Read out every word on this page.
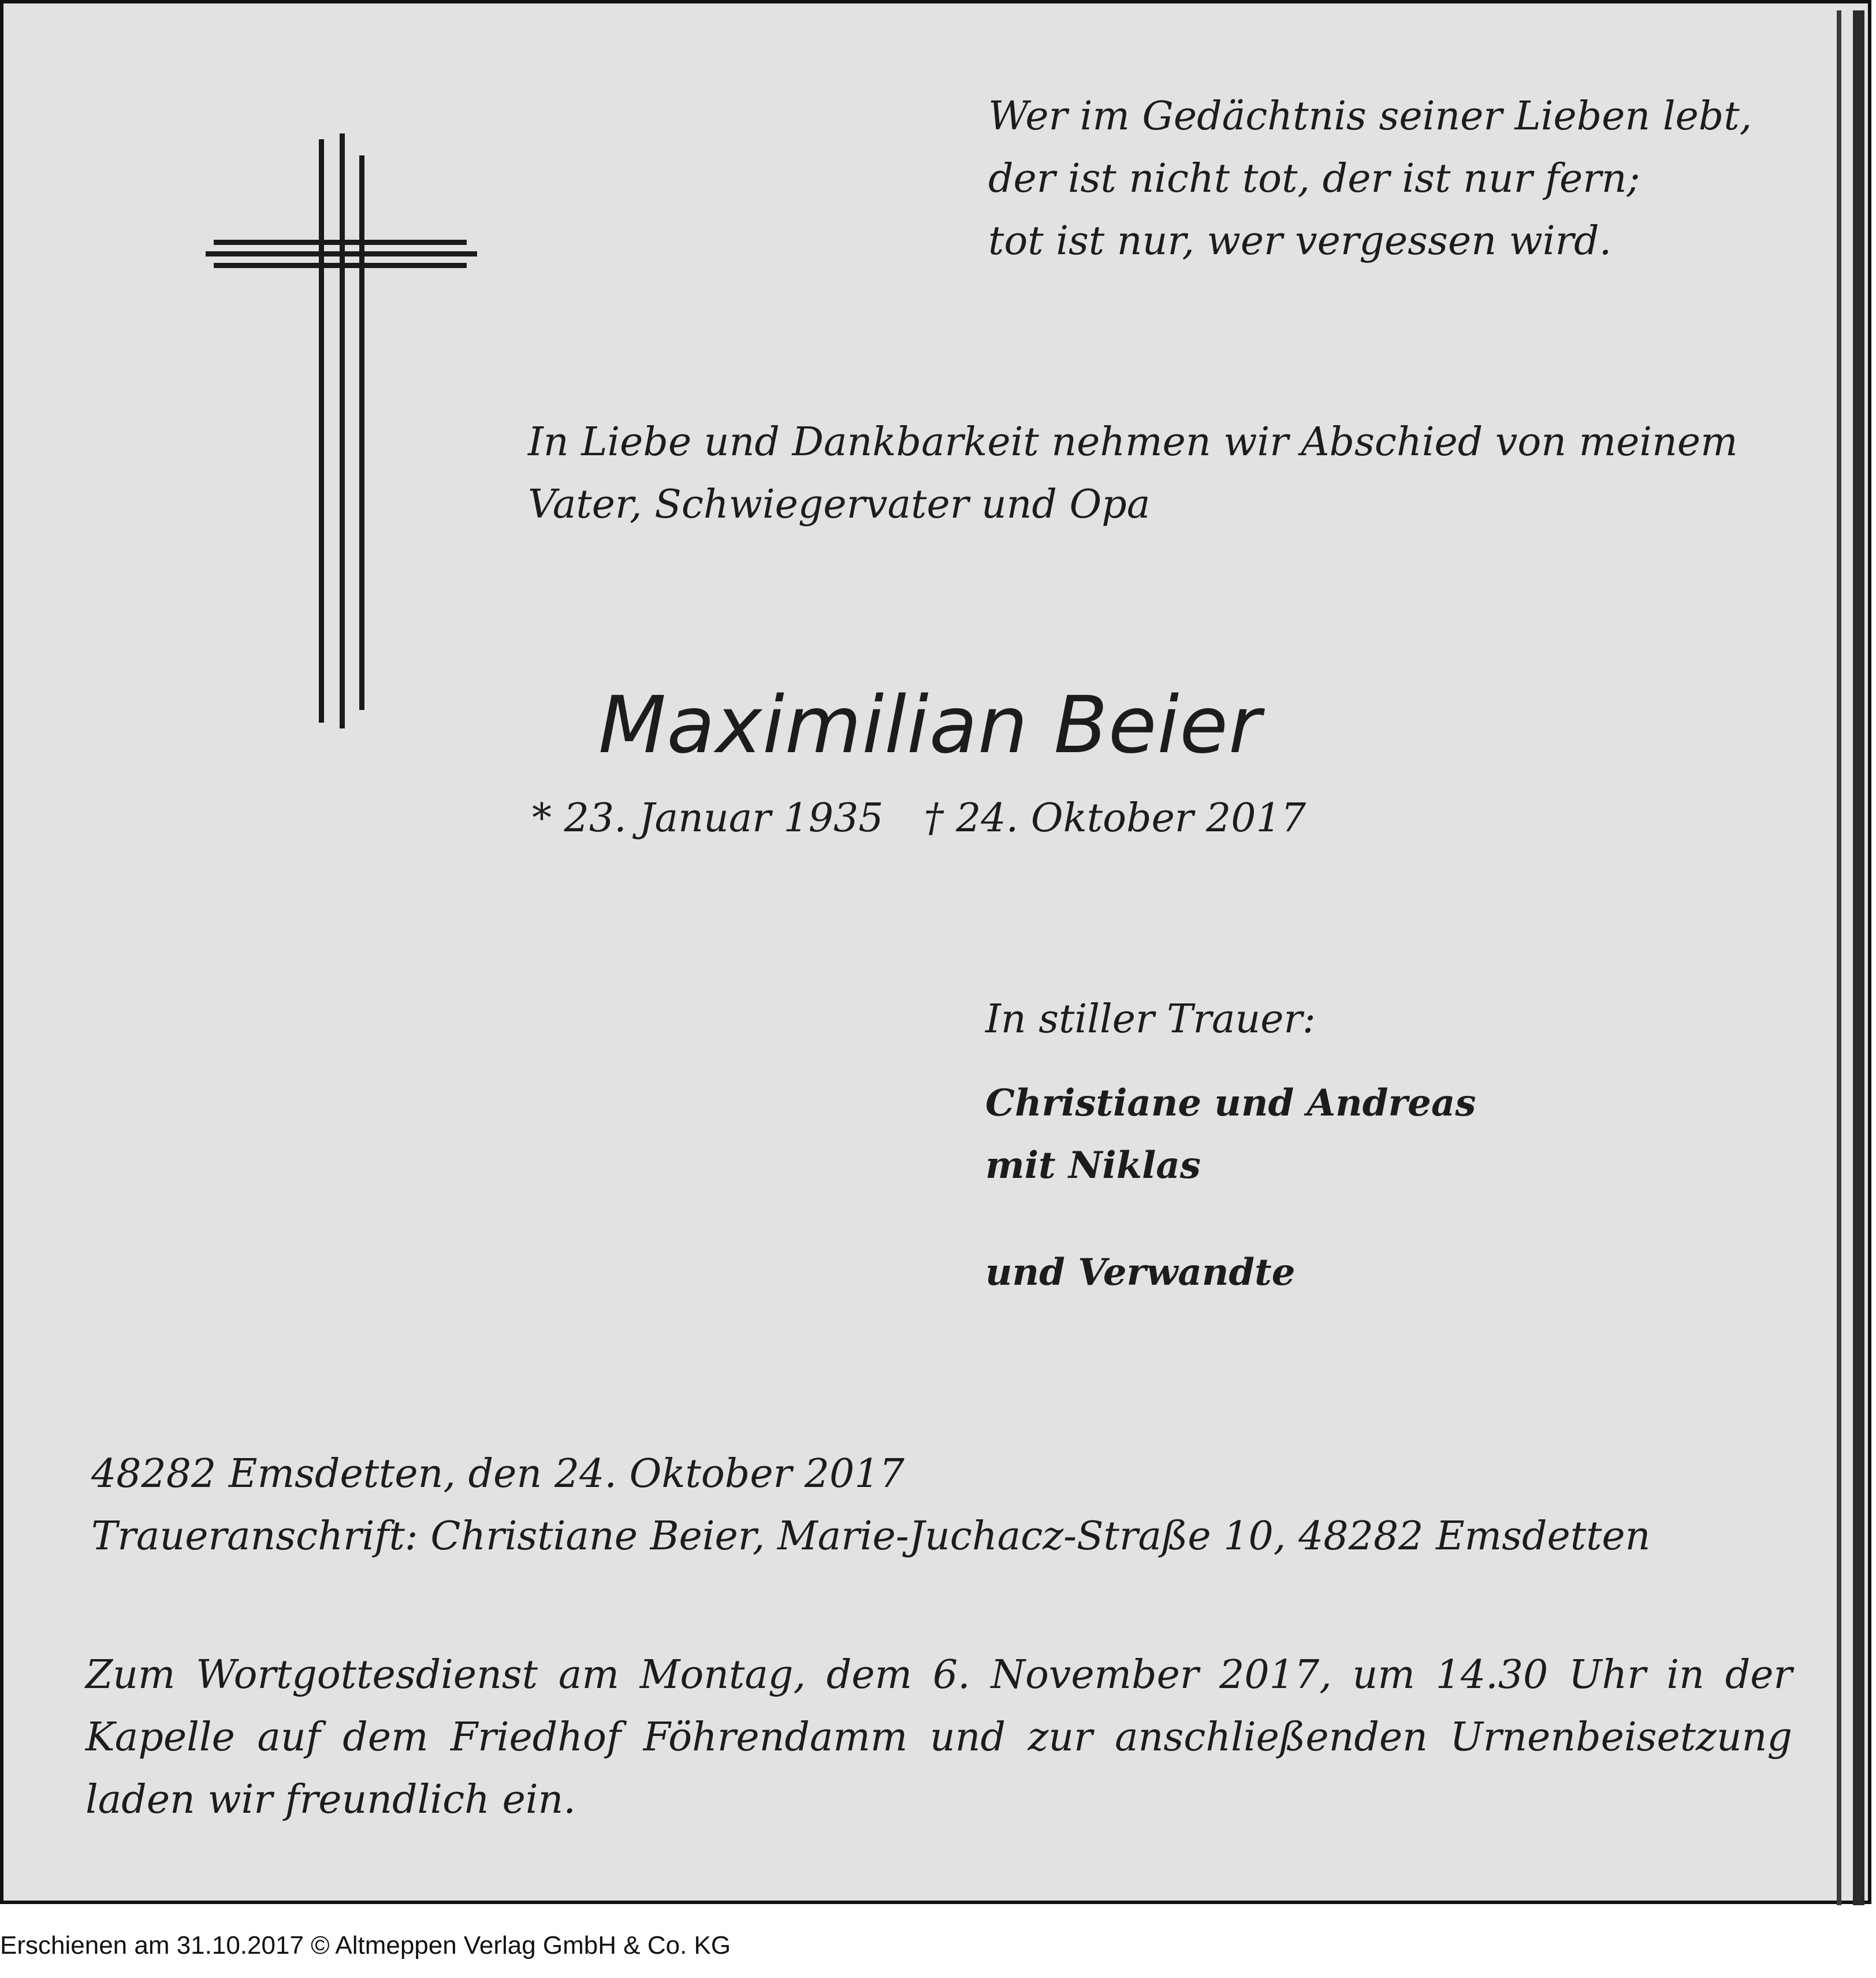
Wer im Gedächtnis seiner Lieben lebt,
der ist nicht tot, der ist nur fern;
tot ist nur, wer vergessen wird.
In Liebe und Dankbarkeit nehmen wir Abschied von meinem
Vater, Schwiegervater und Opa
Maximilian Beier
* 23. Januar 1935 † 24. Oktober 2017
In stiller Trauer:
Christiane und Andreas
mit Niklas
und Verwandte
48282 Emsdetten, den 24. Oktober 2017
Traueranschrift: Christiane Beier, Marie-Juchacz-Straße 10, 48282 Emsdetten
Zum Wortgottesdienst am Montag, dem 6. November 2017, um 14.30 Uhr in der
Kapelle auf dem Friedhof Föhrendamm und zur anschließenden Urnenbeisetzung
laden wir freundlich ein.
Erschienen am 31.10.2017 © Altmeppen Verlag GmbH & Co. KG
